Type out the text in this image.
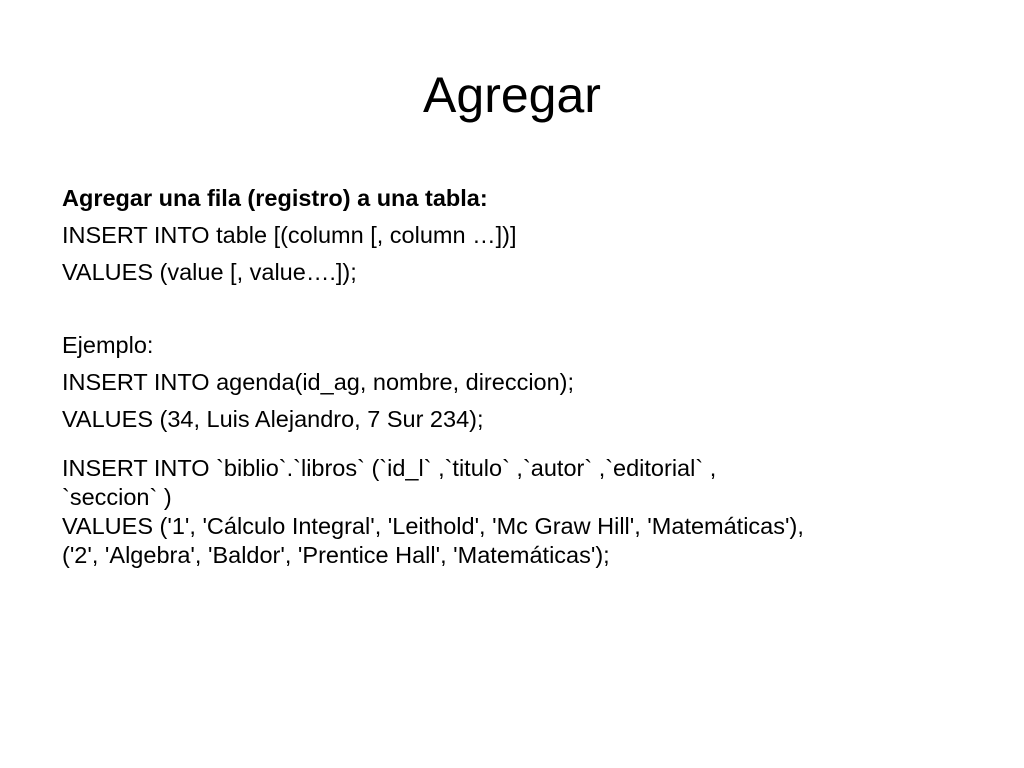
Agregar
Agregar una fila (registro) a una tabla:
INSERT INTO table [(column [, column …])]
VALUES (value [, value….]);
Ejemplo:
INSERT INTO agenda(id_ag, nombre, direccion);
VALUES (34, Luis Alejandro, 7 Sur 234);
INSERT INTO `biblio`.`libros` (`id_l` ,`titulo` ,`autor` ,`editorial` ,
`seccion` )
VALUES ('1', 'Cálculo Integral', 'Leithold', 'Mc Graw Hill', 'Matemáticas'),
('2', 'Algebra', 'Baldor', 'Prentice Hall', 'Matemáticas');
